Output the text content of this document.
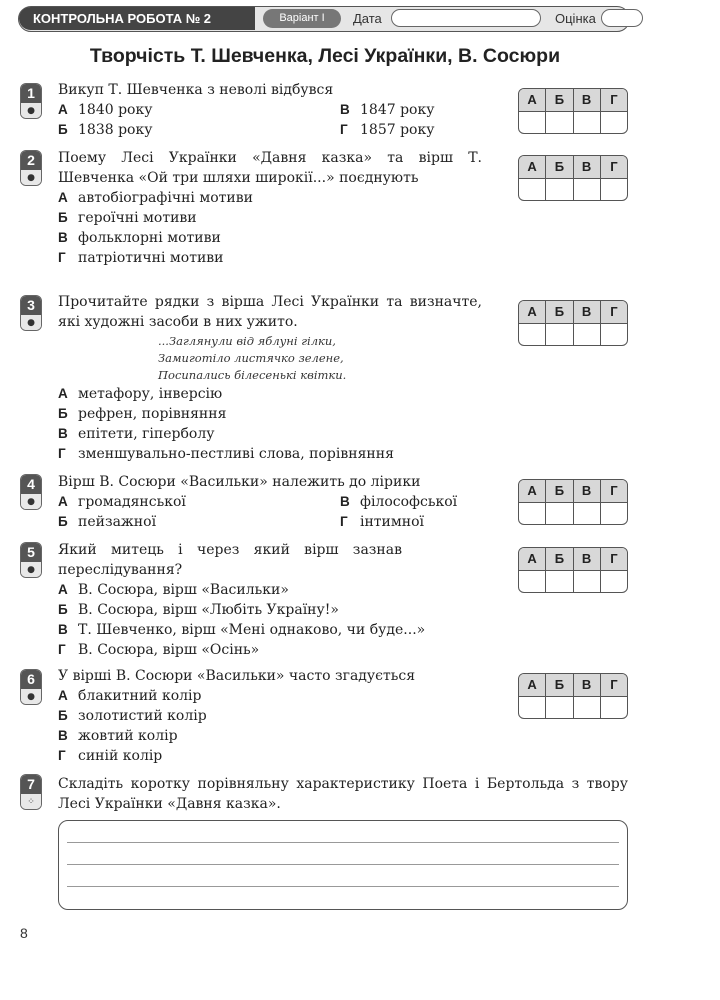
КОНТРОЛЬНА РОБОТА № 2	Варіант І	Дата	Оцінка
Творчість Т. Шевченка, Лесі Українки, В. Сосюри
1
●
Викуп Т. Шевченка з неволі відбувся
А 1840 року
Б 1838 року
В 1847 року
Г 1857 року
А	Б	В	Г
2
●
Поему Лесі Українки «Давня казка» та вірш Т. Шевченка «Ой три шляхи широкії...» поєднують
А автобіографічні мотиви
Б героїчні мотиви
В фольклорні мотиви
Г патріотичні мотиви
А	Б	В	Г
3
●
Прочитайте рядки з вірша Лесі Українки та визначте, які художні засоби в них ужито.
...Заглянули від яблуні гілки,
Замиготіло листячко зелене,
Посипались білесенькі квітки.
А метафору, інверсію
Б рефрен, порівняння
В епітети, гіперболу
Г зменшувально-пестливі слова, порівняння
А	Б	В	Г
4
●
Вірш В. Сосюри «Васильки» належить до лірики
А громадянської
Б пейзажної
В філософської
Г інтимної
А	Б	В	Г
5
●
Який митець і через який вірш зазнав переслідування?
А В. Сосюра, вірш «Васильки»
Б В. Сосюра, вірш «Любіть Україну!»
В Т. Шевченко, вірш «Мені однаково, чи буде...»
Г В. Сосюра, вірш «Осінь»
А	Б	В	Г
6
●
У вірші В. Сосюри «Васильки» часто згадується
А блакитний колір
Б золотистий колір
В жовтий колір
Г синій колір
А	Б	В	Г
7
⁘
Складіть коротку порівняльну характеристику Поета і Бертольда з твору Лесі Українки «Давня казка».
8
